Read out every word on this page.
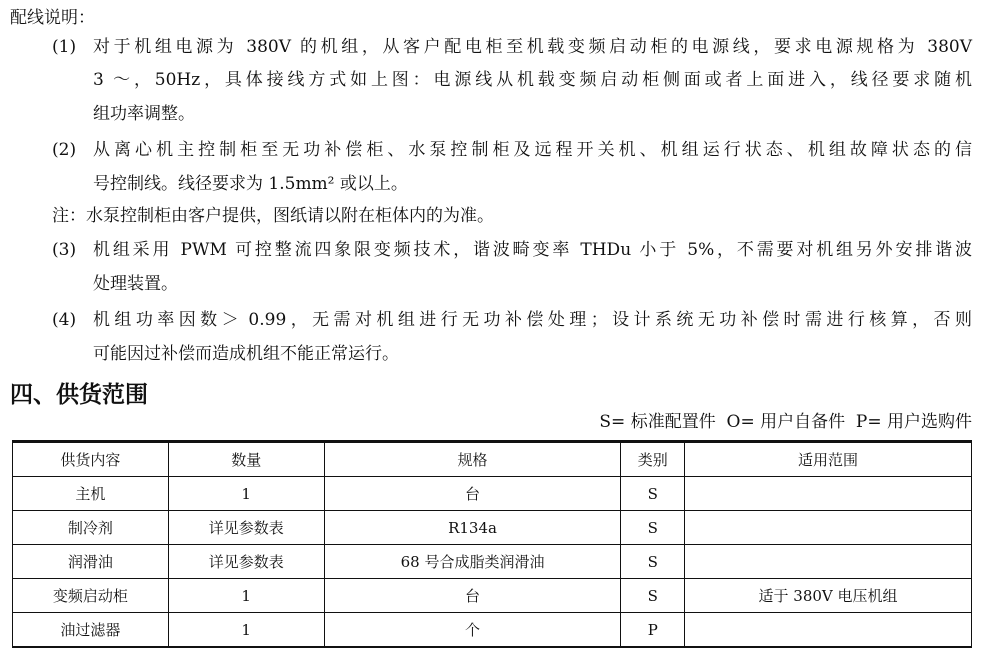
配线说明：
(1) 对于机组电源为 380V 的机组，从客户配电柜至机载变频启动柜的电源线，要求电源规格为 380V
3 ～，50Hz，具体接线方式如上图：电源线从机载变频启动柜侧面或者上面进入，线径要求随机
组功率调整。
(2) 从离心机主控制柜至无功补偿柜、水泵控制柜及远程开关机、机组运行状态、机组故障状态的信
号控制线。线径要求为 1.5mm² 或以上。
注：水泵控制柜由客户提供，图纸请以附在柜体内的为准。
(3) 机组采用 PWM 可控整流四象限变频技术，谐波畸变率 THDu 小于 5%，不需要对机组另外安排谐波
处理装置。
(4) 机组功率因数＞ 0.99，无需对机组进行无功补偿处理；设计系统无功补偿时需进行核算，否则
可能因过补偿而造成机组不能正常运行。
四、供货范围
S= 标准配置件  O= 用户自备件  P= 用户选购件
供货内容	数量	规格	类别	适用范围
主机	1	台	S	
制冷剂	详见参数表	R134a	S	
润滑油	详见参数表	68 号合成脂类润滑油	S	
变频启动柜	1	台	S	适于 380V 电压机组
油过滤器	1	个	P	
